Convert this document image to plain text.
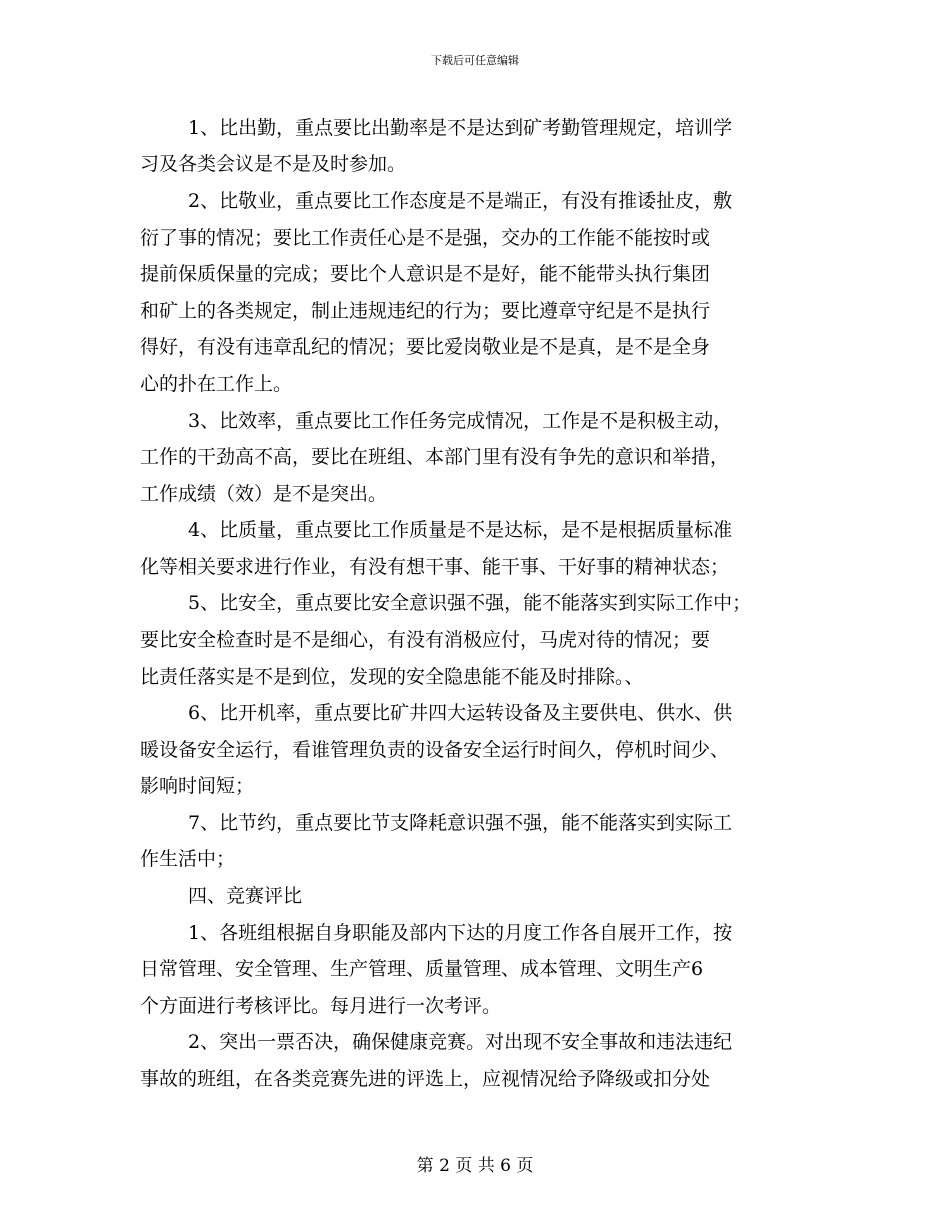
下载后可任意编辑
1、比出勤，重点要比出勤率是不是达到矿考勤管理规定，培训学
习及各类会议是不是及时参加。
2、比敬业，重点要比工作态度是不是端正，有没有推诿扯皮，敷
衍了事的情况；要比工作责任心是不是强，交办的工作能不能按时或
提前保质保量的完成；要比个人意识是不是好，能不能带头执行集团
和矿上的各类规定，制止违规违纪的行为；要比遵章守纪是不是执行
得好，有没有违章乱纪的情况；要比爱岗敬业是不是真，是不是全身
心的扑在工作上。
3、比效率，重点要比工作任务完成情况，工作是不是积极主动，
工作的干劲高不高，要比在班组、本部门里有没有争先的意识和举措，
工作成绩（效）是不是突出。
4、比质量，重点要比工作质量是不是达标，是不是根据质量标准
化等相关要求进行作业，有没有想干事、能干事、干好事的精神状态；
5、比安全，重点要比安全意识强不强，能不能落实到实际工作中；
要比安全检查时是不是细心，有没有消极应付，马虎对待的情况；要
比责任落实是不是到位，发现的安全隐患能不能及时排除。、
6、比开机率，重点要比矿井四大运转设备及主要供电、供水、供
暖设备安全运行，看谁管理负责的设备安全运行时间久，停机时间少、
影响时间短；
7、比节约，重点要比节支降耗意识强不强，能不能落实到实际工
作生活中；
四、竞赛评比
1、各班组根据自身职能及部内下达的月度工作各自展开工作，按
日常管理、安全管理、生产管理、质量管理、成本管理、文明生产6
个方面进行考核评比。每月进行一次考评。
2、突出一票否决，确保健康竞赛。对出现不安全事故和违法违纪
事故的班组，在各类竞赛先进的评选上，应视情况给予降级或扣分处
第 2 页 共 6 页
